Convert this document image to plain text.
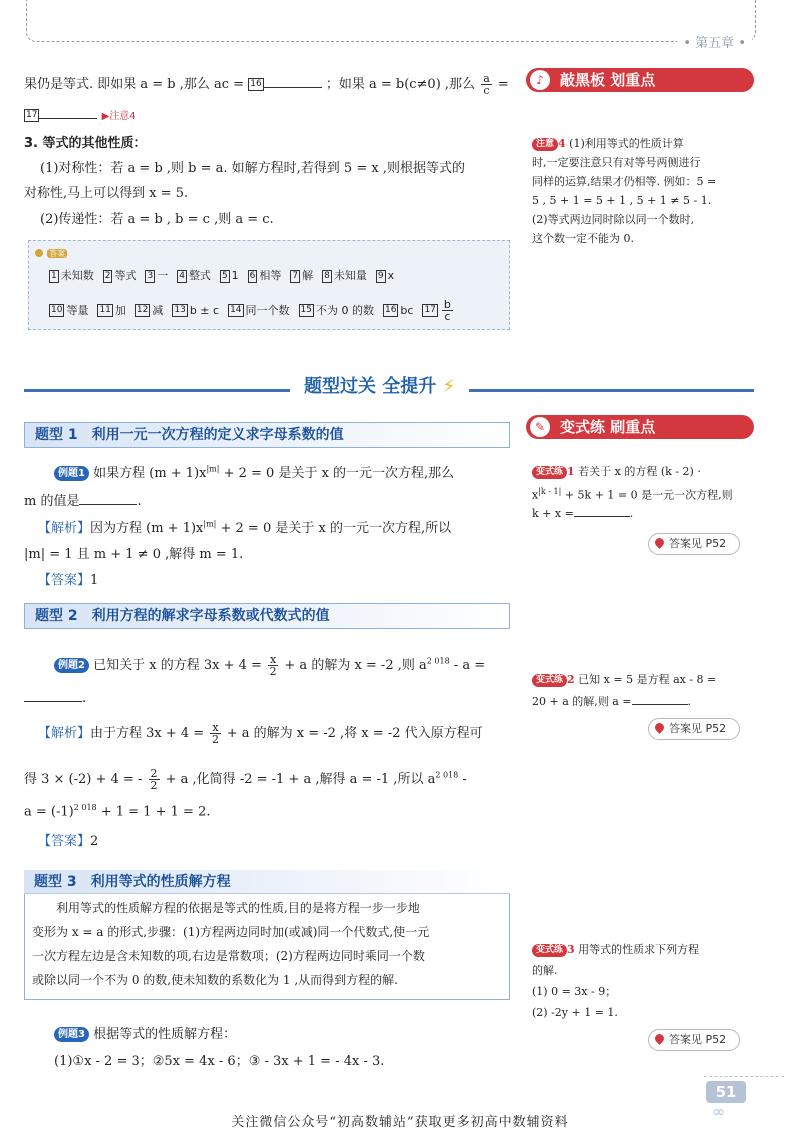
• 第五章 •
果仍是等式. 即如果 a = b ,那么 ac = 16	；如果 a = b(c≠0) ,那么 $\frac{a}{c}$ =
17	▶注意4
3. 等式的其他性质：
(1)对称性：若 a = b ,则 b = a. 如解方程时,若得到 5 = x ,则根据等式的
对称性,马上可以得到 x = 5.
(2)传递性：若 a = b , b = c ,则 a = c.
答案
1 未知数 2 等式 3 一 4 整式 5 1 6 相等 7 解 8 未知量 9 x
10 等量 11 加 12 减 13 b ± c 14 同一个数 15 不为 0 的数 16 bc $17 \frac{b}{c}$
♪	敲黑板 划重点
注意 4 (1)利用等式的性质计算
时,一定要注意只有对等号两侧进行
同样的运算,结果才仍相等. 例如：5 =
5 , 5 + 1 = 5 + 1 , 5 + 1 ≠ 5 - 1.
(2)等式两边同时除以同一个数时,
这个数一定不能为 0.
题型过关 全提升 ⚡
题型 1　利用一元一次方程的定义求字母系数的值
例题1 如果方程 $(m + 1)x^{|m|} + 2 = 0$ 是关于 x 的一元一次方程,那么
m 的值是	.
【解析】因为方程 $(m + 1)x^{|m|} + 2 = 0$ 是关于 x 的一元一次方程,所以
|m| = 1 且 m + 1 ≠ 0 ,解得 m = 1.
【答案】1
题型 2　利用方程的解求字母系数或代数式的值
例题2 已知关于 x 的方程 $3x + 4 = \frac{x}{2} + a$ 的解为 x = -2 ,则 $a^{2 018}$ - a =
.
【解析】由于方程 $3x + 4 = \frac{x}{2} + a$ 的解为 x = -2 ,将 x = -2 代入原方程可
得 3 × (-2) + 4 = - $\frac{2}{2} + a$ ,化简得 -2 = -1 + a ,解得 a = -1 ,所以 $a^{2 018}$ -
$a = (-1)^{2 018} + 1 = 1 + 1 = 2$.
【答案】2
题型 3　利用等式的性质解方程
利用等式的性质解方程的依据是等式的性质,目的是将方程一步一步地
变形为 x = a 的形式,步骤：(1)方程两边同时加(或减)同一个代数式,使一元
一次方程左边是含未知数的项,右边是常数项；(2)方程两边同时乘同一个数
或除以同一个不为 0 的数,使未知数的系数化为 1 ,从而得到方程的解.
例题3 根据等式的性质解方程：
(1)①x - 2 = 3；②5x = 4x - 6；③ - 3x + 1 = - 4x - 3.
✎ 变式练 刷重点
变式练 1 若关于 x 的方程 (k - 2) ·
$x^{|k - 1|} + 5k + 1 = 0$ 是一元一次方程,则
k + x =	.
答案见 P52
变式练 2 已知 x = 5 是方程 ax - 8 =
20 + a 的解,则 a =	.
答案见 P52
变式练 3 用等式的性质求下列方程
的解.
(1) 0 = 3x - 9；
(2) -2y + 1 = 1.
答案见 P52
51
∞
关注微信公众号“初高数辅站”获取更多初高中数辅资料
